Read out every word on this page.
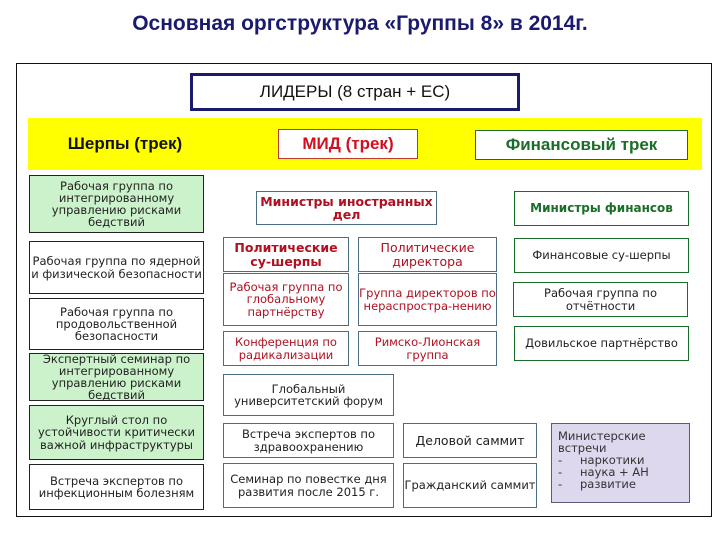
Основная оргструктура «Группы 8» в 2014г.
ЛИДЕРЫ (8 стран + ЕС)
Шерпы (трек)	МИД (трек)	Финансовый трек
Рабочая группа по интегрированному управлению рисками бедствий
Рабочая группа по ядерной и физической безопасности
Рабочая группа по продовольственной безопасности
Экспертный семинар по интегрированному управлению рисками бедствий
Круглый стол по устойчивости критически важной инфраструктуры
Встреча экспертов по инфекционным болезням
Министры иностранных дел
Политические су-шерпы
Политические директора
Рабочая группа по глобальному партнёрству
Группа директоров по нераспростра-нению
Конференция по радикализации
Римско-Лионская группа
Министры финансов
Финансовые су-шерпы
Рабочая группа по отчётности
Довильское партнёрство
Глобальный университетский форум
Встреча экспертов по здравоохранению
Семинар по повестке дня развития после 2015 г.
Деловой саммит
Гражданский саммит
Министерские встречи
- наркотики
- наука + АН
- развитие
